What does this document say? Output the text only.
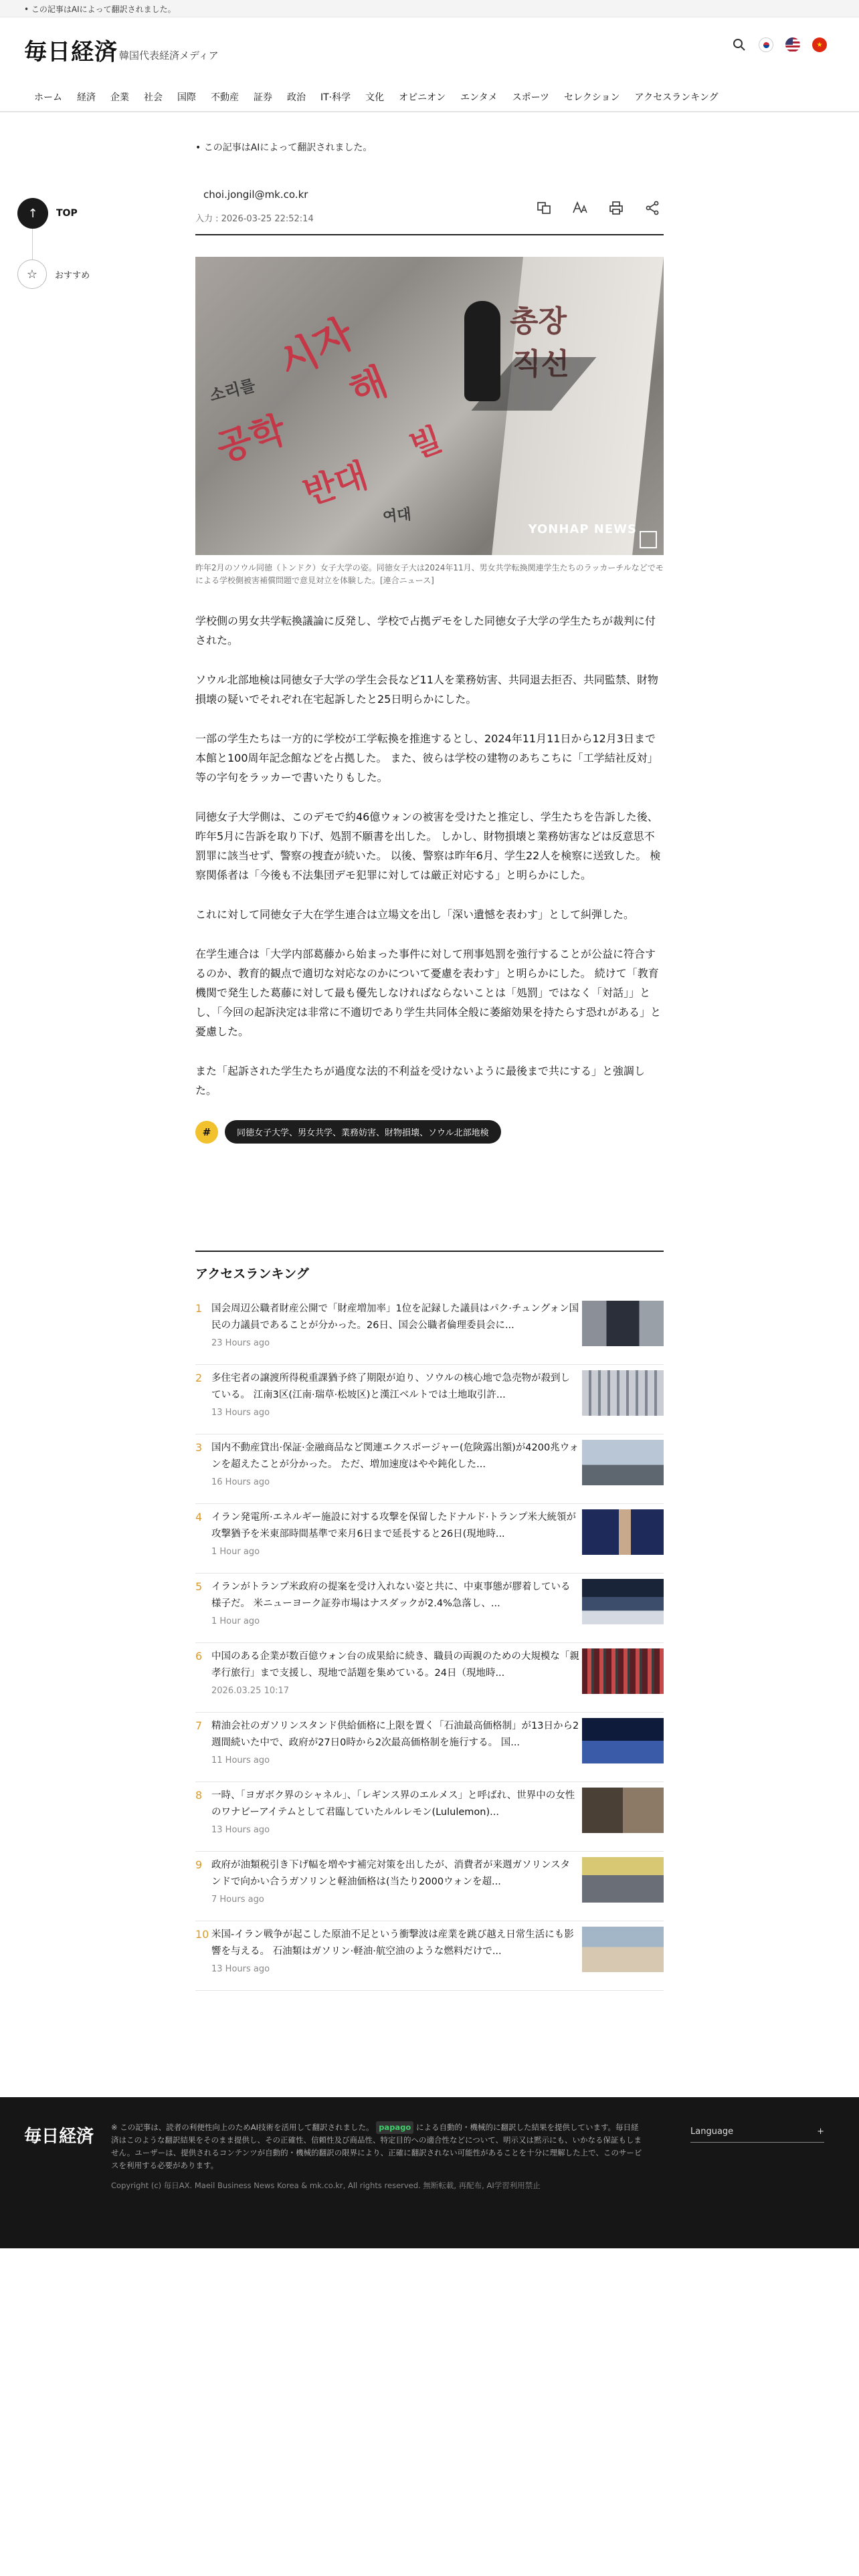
• この記事はAIによって翻訳されました。
毎日経済 韓国代表経済メディア
★
ホーム	経済	企業	社会	国際	不動産	証券	政治	IT·科学	文化	オピニオン	エンタメ	スポーツ	セレクション	アクセスランキング
↑	TOP
☆	おすすめ
• この記事はAIによって翻訳されました。
choi.jongil@mk.co.kr
入力 : 2026-03-25 22:52:14
총장
공학
반대
소리를
여대
시자
해
빌
YONHAP NEWS
昨年2月のソウル同徳（トンドク）女子大学の姿。同徳女子大は2024年11月、男女共学転換関連学生たちのラッカーチルなどでモによる学校側被害補償問題で意見対立を体験した。[連合ニュース]

学校側の男女共学転換議論に反発し、学校で占拠デモをした同徳女子大学の学生たちが裁判に付された。

ソウル北部地検は同徳女子大学の学生会長など11人を業務妨害、共同退去拒否、共同監禁、財物損壊の疑いでそれぞれ在宅起訴したと25日明らかにした。

一部の学生たちは一方的に学校が工学転換を推進するとし、2024年11月11日から12月3日まで本館と100周年記念館などを占拠した。 また、彼らは学校の建物のあちこちに「工学結社反対」等の字句をラッカーで書いたりもした。

同徳女子大学側は、このデモで約46億ウォンの被害を受けたと推定し、学生たちを告訴した後、昨年5月に告訴を取り下げ、処罰不願書を出した。 しかし、財物損壊と業務妨害などは反意思不罰罪に該当せず、警察の捜査が続いた。 以後、警察は昨年6月、学生22人を検察に送致した。 検察関係者は「今後も不法集団デモ犯罪に対しては厳正対応する」と明らかにした。

これに対して同徳女子大在学生連合は立場文を出し「深い遺憾を表わす」として糾弾した。

在学生連合は「大学内部葛藤から始まった事件に対して刑事処罰を強行することが公益に符合するのか、教育的観点で適切な対応なのかについて憂慮を表わす」と明らかにした。 続けて「教育機関で発生した葛藤に対して最も優先しなければならないことは「処罰」ではなく「対話」」とし、「今回の起訴決定は非常に不適切であり学生共同体全般に萎縮効果を持たらす恐れがある」と憂慮した。

また「起訴された学生たちが過度な法的不利益を受けないように最後まで共にする」と強調した。

#	同徳女子大学、男女共学、業務妨害、財物損壊、ソウル北部地検
アクセスランキング
1 国会周辺公職者財産公開で「財産増加率」1位を記録した議員はパク·チュングォン国民の力議員であることが分かった。26日、国会公職者倫理委員会に...
23 Hours ago
2 多住宅者の譲渡所得税重課猶予終了期限が迫り、ソウルの核心地で急売物が殺到している。 江南3区(江南·瑞草·松坡区)と漢江ベルトでは土地取引許...
13 Hours ago
3 国内不動産貸出·保証·金融商品など関連エクスポージャー(危険露出額)が4200兆ウォンを超えたことが分かった。 ただ、増加速度はやや鈍化した...
16 Hours ago
4 イラン発電所·エネルギー施設に対する攻撃を保留したドナルド·トランプ米大統領が攻撃猶予を米東部時間基準で来月6日まで延長すると26日(現地時...
1 Hour ago
5 イランがトランプ米政府の提案を受け入れない姿と共に、中東事態が膠着している様子だ。 米ニューヨーク証券市場はナスダックが2.4%急落し、...
1 Hour ago
6 中国のある企業が数百億ウォン台の成果給に続き、職員の両親のための大規模な「親孝行旅行」まで支援し、現地で話題を集めている。24日（現地時...
2026.03.25 10:17
7 精油会社のガソリンスタンド供給価格に上限を置く「石油最高価格制」が13日から2週間続いた中で、政府が27日0時から2次最高価格制を施行する。 国...
11 Hours ago
8 一時、「ヨガボク界のシャネル」、「レギンス界のエルメス」と呼ばれ、世界中の女性のワナビーアイテムとして君臨していたルルレモン(Lululemon)...
13 Hours ago
9 政府が油類税引き下げ幅を増やす補完対策を出したが、消費者が来週ガソリンスタンドで向かい合うガソリンと軽油価格は(当たり2000ウォンを超...
7 Hours ago
10 米国-イラン戦争が起こした原油不足という衝撃波は産業を跳び越え日常生活にも影響を与える。 石油類はガソリン·軽油·航空油のような燃料だけで...
13 Hours ago
毎日経済 ※ この記事は、読者の利便性向上のためAI技術を活用して翻訳されました。 papago による自動的・機械的に翻訳した結果を提供しています。毎日経済はこのような翻訳結果をそのまま提供し、その正確性、信頼性及び商品性、特定目的への適合性などについて、明示又は黙示にも、いかなる保証もしません。ユーザーは、提供されるコンテンツが自動的・機械的翻訳の限界により、正確に翻訳されない可能性があることを十分に理解した上で、このサービスを利用する必要があります。
Copyright (c) 毎日AX. Maeil Business News Korea & mk.co.kr, All rights reserved. 無断転載, 再配布, AI学習利用禁止
Language	+
